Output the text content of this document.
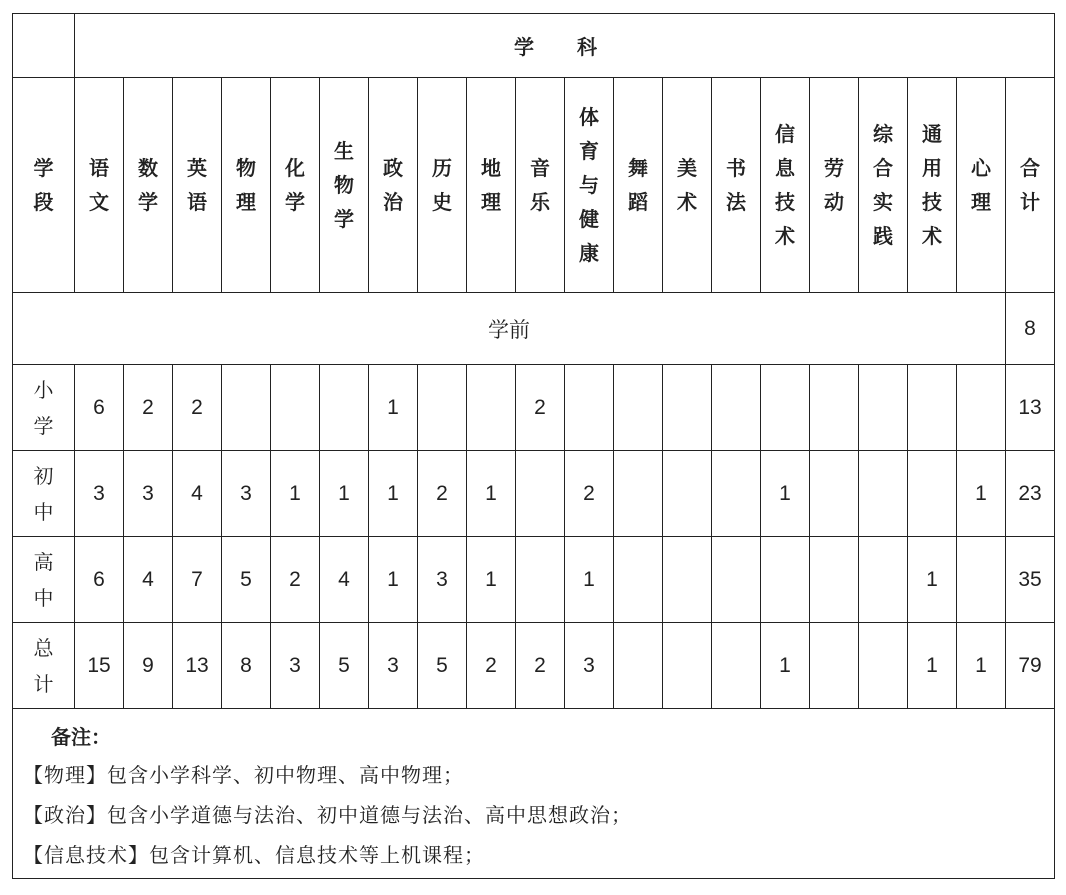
	学 科																			
学段	语文	数学	英语	物理	化学	生物学	政治	历史	地理	音乐	体育与健康	舞蹈	美术	书法	信息技术	劳动	综合实践	通用技术	心理	合计
学前																				8
小学	6	2	2				1			2										13
初中	3	3	4	3	1	1	1	2	1		2				1				1	23
高中	6	4	7	5	2	4	1	3	1		1							1		35
总计	15	9	13	8	3	5	3	5	2	2	3				1			1	1	79

备注：
【物理】包含小学科学、初中物理、高中物理；
【政治】包含小学道德与法治、初中道德与法治、高中思想政治；
【信息技术】包含计算机、信息技术等上机课程；																				
